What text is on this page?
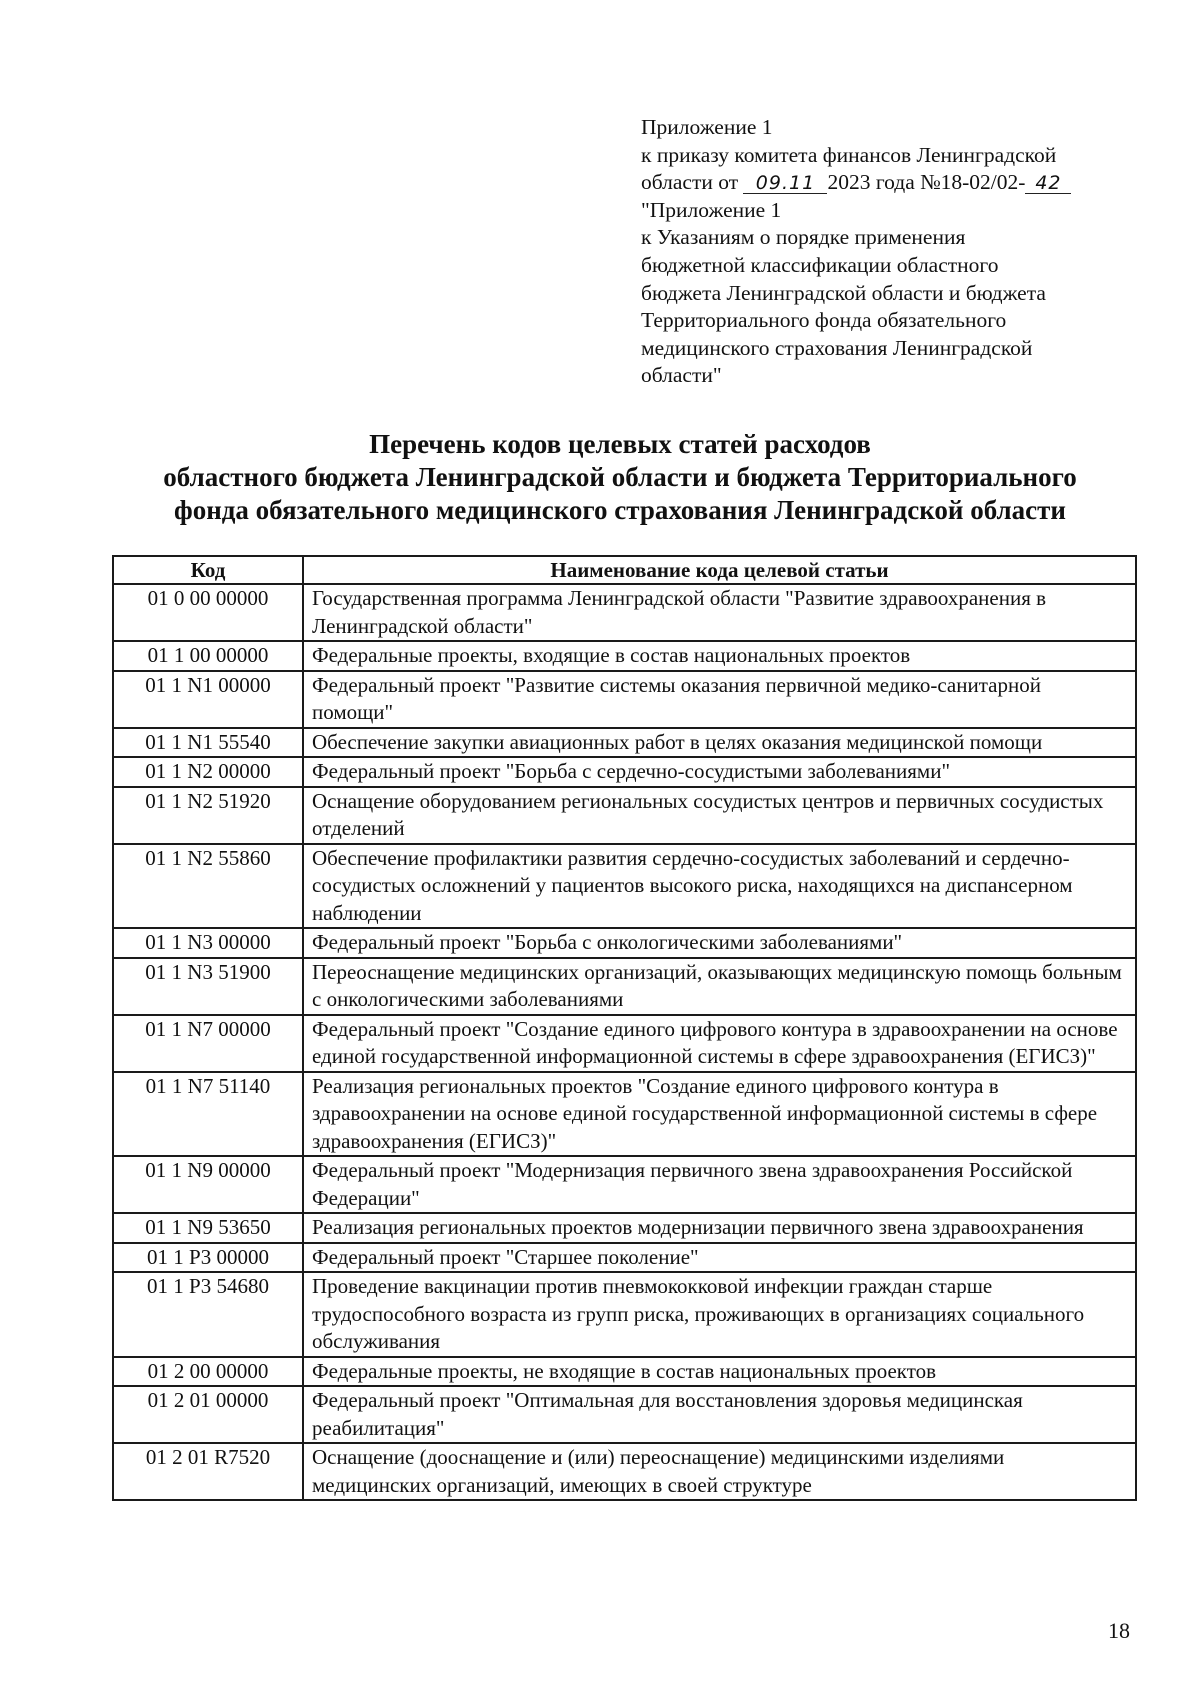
Приложение 1
к приказу комитета финансов Ленинградской
области от 09.11 2023 года №18-02/02- 42
"Приложение 1
к Указаниям о порядке применения
бюджетной классификации областного
бюджета Ленинградской области и бюджета
Территориального фонда обязательного
медицинского страхования Ленинградской
области"
Перечень кодов целевых статей расходов
областного бюджета Ленинградской области и бюджета Территориального
фонда обязательного медицинского страхования Ленинградской области
Код	Наименование кода целевой статьи
01 0 00 00000	Государственная программа Ленинградской области "Развитие здравоохранения в Ленинградской области"
01 1 00 00000	Федеральные проекты, входящие в состав национальных проектов
01 1 N1 00000	Федеральный проект "Развитие системы оказания первичной медико-санитарной помощи"
01 1 N1 55540	Обеспечение закупки авиационных работ в целях оказания медицинской помощи
01 1 N2 00000	Федеральный проект "Борьба с сердечно-сосудистыми заболеваниями"
01 1 N2 51920	Оснащение оборудованием региональных сосудистых центров и первичных сосудистых отделений
01 1 N2 55860	Обеспечение профилактики развития сердечно-сосудистых заболеваний и сердечно-сосудистых осложнений у пациентов высокого риска, находящихся на диспансерном наблюдении
01 1 N3 00000	Федеральный проект "Борьба с онкологическими заболеваниями"
01 1 N3 51900	Переоснащение медицинских организаций, оказывающих медицинскую помощь больным с онкологическими заболеваниями
01 1 N7 00000	Федеральный проект "Создание единого цифрового контура в здравоохранении на основе единой государственной информационной системы в сфере здравоохранения (ЕГИСЗ)"
01 1 N7 51140	Реализация региональных проектов "Создание единого цифрового контура в здравоохранении на основе единой государственной информационной системы в сфере здравоохранения (ЕГИСЗ)"
01 1 N9 00000	Федеральный проект "Модернизация первичного звена здравоохранения Российской Федерации"
01 1 N9 53650	Реализация региональных проектов модернизации первичного звена здравоохранения
01 1 P3 00000	Федеральный проект "Старшее поколение"
01 1 P3 54680	Проведение вакцинации против пневмококковой инфекции граждан старше трудоспособного возраста из групп риска, проживающих в организациях социального обслуживания
01 2 00 00000	Федеральные проекты, не входящие в состав национальных проектов
01 2 01 00000	Федеральный проект "Оптимальная для восстановления здоровья медицинская реабилитация"
01 2 01 R7520	Оснащение (дооснащение и (или) переоснащение) медицинскими изделиями медицинских организаций, имеющих в своей структуре
18
